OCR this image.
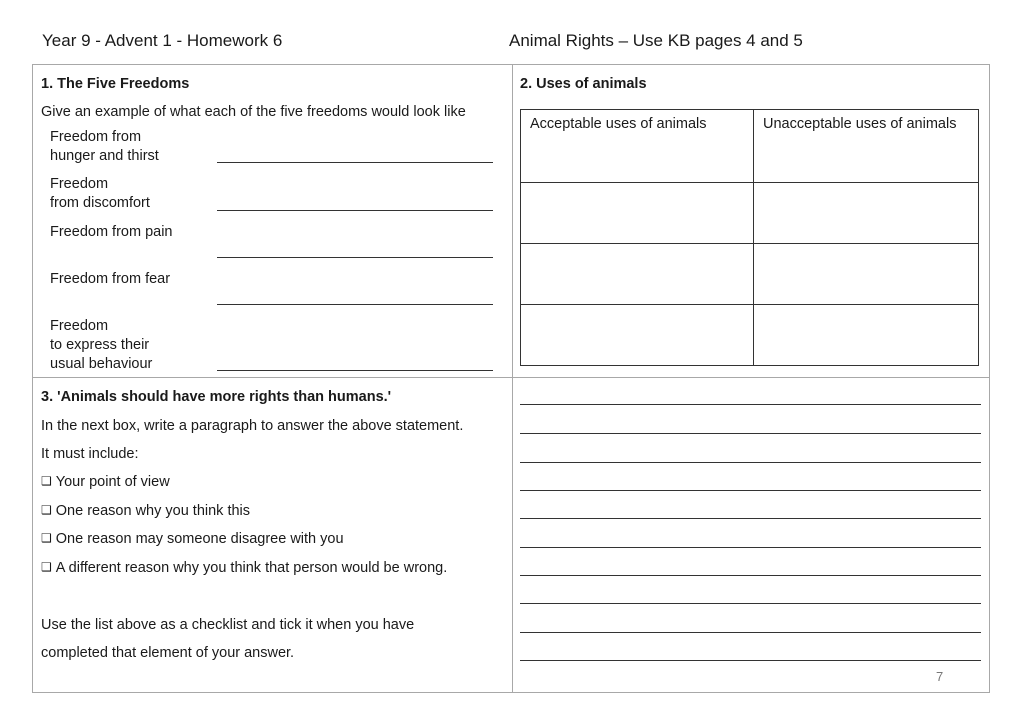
Year 9 - Advent 1 - Homework 6	Animal Rights – Use KB pages 4 and 5
1. The Five Freedoms
Give an example of what each of the five freedoms would look like
Freedom from
hunger and thirst
Freedom
from discomfort
Freedom from pain
Freedom from fear
Freedom
to express their
usual behaviour
2. Uses of animals
Acceptable uses of animals	Unacceptable uses of animals

3. 'Animals should have more rights than humans.'
In the next box, write a paragraph to answer the above statement.
It must include:
❑ Your point of view
❑ One reason why you think this
❑ One reason may someone disagree with you
❑ A different reason why you think that person would be wrong.
Use the list above as a checklist and tick it when you have
completed that element of your answer.
7
